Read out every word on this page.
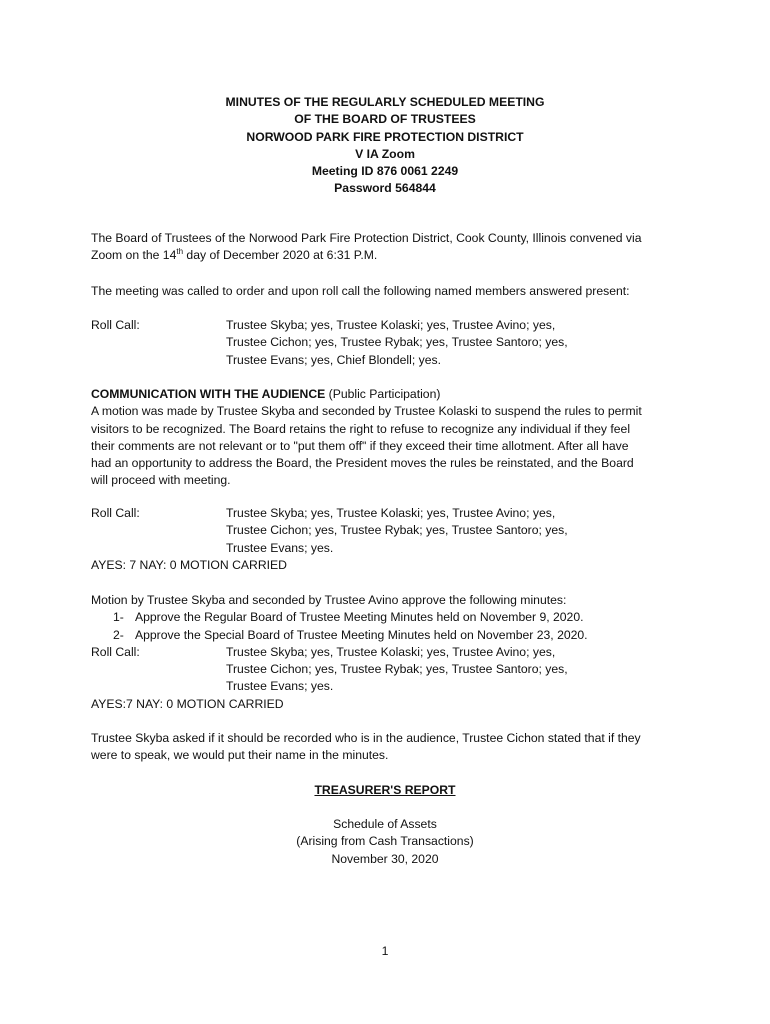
MINUTES OF THE REGULARLY SCHEDULED MEETING
OF THE BOARD OF TRUSTEES
NORWOOD PARK FIRE PROTECTION DISTRICT
V IA Zoom
Meeting ID 876 0061 2249
Password 564844
The Board of Trustees of the Norwood Park Fire Protection District, Cook County, Illinois convened via
Zoom on the 14th day of December 2020 at 6:31 P.M.
The meeting was called to order and upon roll call the following named members answered present:
Roll Call:	Trustee Skyba; yes, Trustee Kolaski; yes, Trustee Avino; yes,
Trustee Cichon; yes, Trustee Rybak; yes, Trustee Santoro; yes,
Trustee Evans; yes, Chief Blondell; yes.
COMMUNICATION WITH THE AUDIENCE (Public Participation)
A motion was made by Trustee Skyba and seconded by Trustee Kolaski to suspend the rules to permit
visitors to be recognized. The Board retains the right to refuse to recognize any individual if they feel
their comments are not relevant or to "put them off" if they exceed their time allotment. After all have
had an opportunity to address the Board, the President moves the rules be reinstated, and the Board
will proceed with meeting.
Roll Call:	Trustee Skyba; yes, Trustee Kolaski; yes, Trustee Avino; yes,
Trustee Cichon; yes, Trustee Rybak; yes, Trustee Santoro; yes,
Trustee Evans; yes.
AYES: 7 NAY: 0 MOTION CARRIED
Motion by Trustee Skyba and seconded by Trustee Avino approve the following minutes:
1- Approve the Regular Board of Trustee Meeting Minutes held on November 9, 2020.
2- Approve the Special Board of Trustee Meeting Minutes held on November 23, 2020.
Roll Call:	Trustee Skyba; yes, Trustee Kolaski; yes, Trustee Avino; yes,
Trustee Cichon; yes, Trustee Rybak; yes, Trustee Santoro; yes,
Trustee Evans; yes.
AYES:7 NAY: 0 MOTION CARRIED
Trustee Skyba asked if it should be recorded who is in the audience, Trustee Cichon stated that if they
were to speak, we would put their name in the minutes.
TREASURER'S REPORT
Schedule of Assets
(Arising from Cash Transactions)
November 30, 2020
1
